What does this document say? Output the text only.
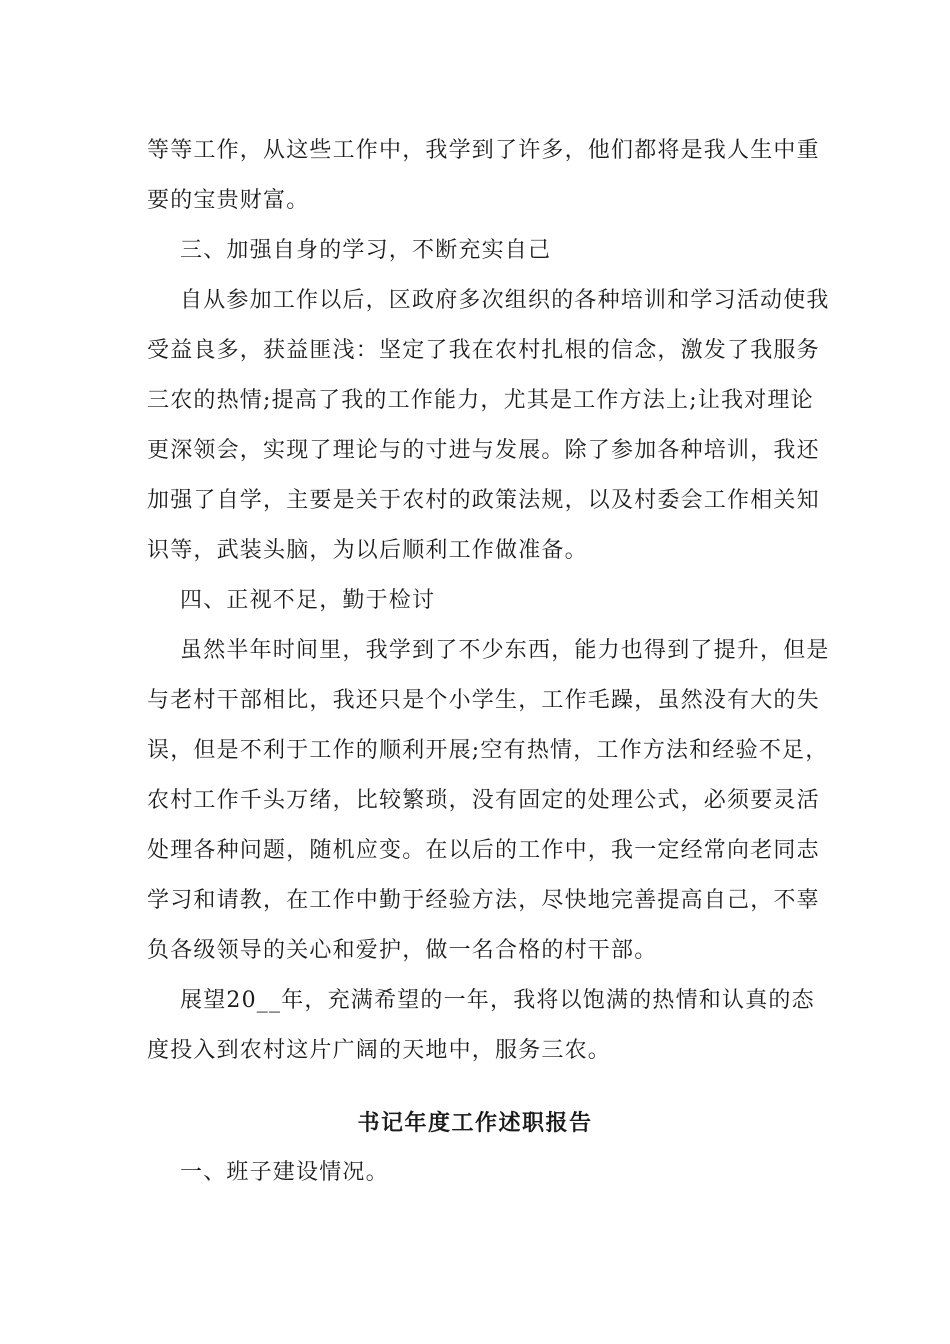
等等工作，从这些工作中，我学到了许多，他们都将是我人生中重
要的宝贵财富。
三、加强自身的学习，不断充实自己
自从参加工作以后，区政府多次组织的各种培训和学习活动使我
受益良多，获益匪浅：坚定了我在农村扎根的信念，激发了我服务
三农的热情;提高了我的工作能力，尤其是工作方法上;让我对理论
更深领会，实现了理论与的寸进与发展。除了参加各种培训，我还
加强了自学，主要是关于农村的政策法规，以及村委会工作相关知
识等，武装头脑，为以后顺利工作做准备。
四、正视不足，勤于检讨
虽然半年时间里，我学到了不少东西，能力也得到了提升，但是
与老村干部相比，我还只是个小学生，工作毛躁，虽然没有大的失
误，但是不利于工作的顺利开展;空有热情，工作方法和经验不足，
农村工作千头万绪，比较繁琐，没有固定的处理公式，必须要灵活
处理各种问题，随机应变。在以后的工作中，我一定经常向老同志
学习和请教，在工作中勤于经验方法，尽快地完善提高自己，不辜
负各级领导的关心和爱护，做一名合格的村干部。
展望20__年，充满希望的一年，我将以饱满的热情和认真的态
度投入到农村这片广阔的天地中，服务三农。
书记年度工作述职报告
一、班子建设情况。
